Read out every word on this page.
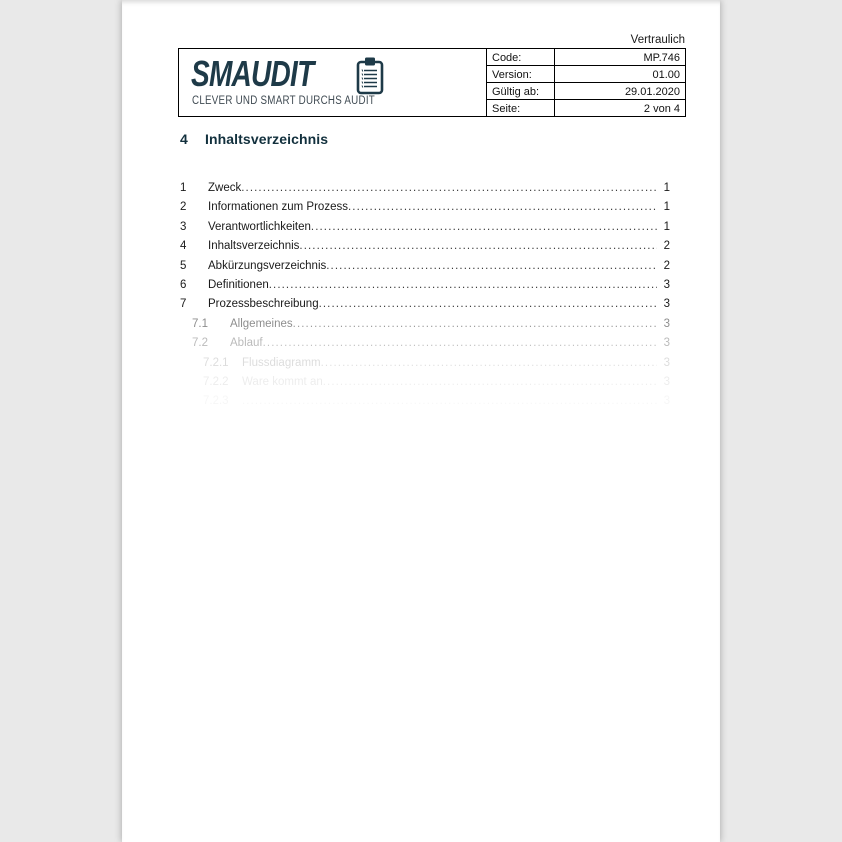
Vertraulich
SMAUDIT
CLEVER UND SMART DURCHS AUDIT
Code:	MP.746
Version:	01.00
Gültig ab:	29.01.2020
Seite:	2 von 4
4	Inhaltsverzeichnis
1	Zweck .....	1
2	Informationen zum Prozess .....	1
3	Verantwortlichkeiten .....	1
4	Inhaltsverzeichnis .....	2
5	Abkürzungsverzeichnis .....	2
6	Definitionen .....	3
7	Prozessbeschreibung .....	3
7.1	Allgemeines .....	3
7.2	Ablauf .....	3
7.2.1	Flussdiagramm .....	3
7.2.2	Ware kommt an .....	3
